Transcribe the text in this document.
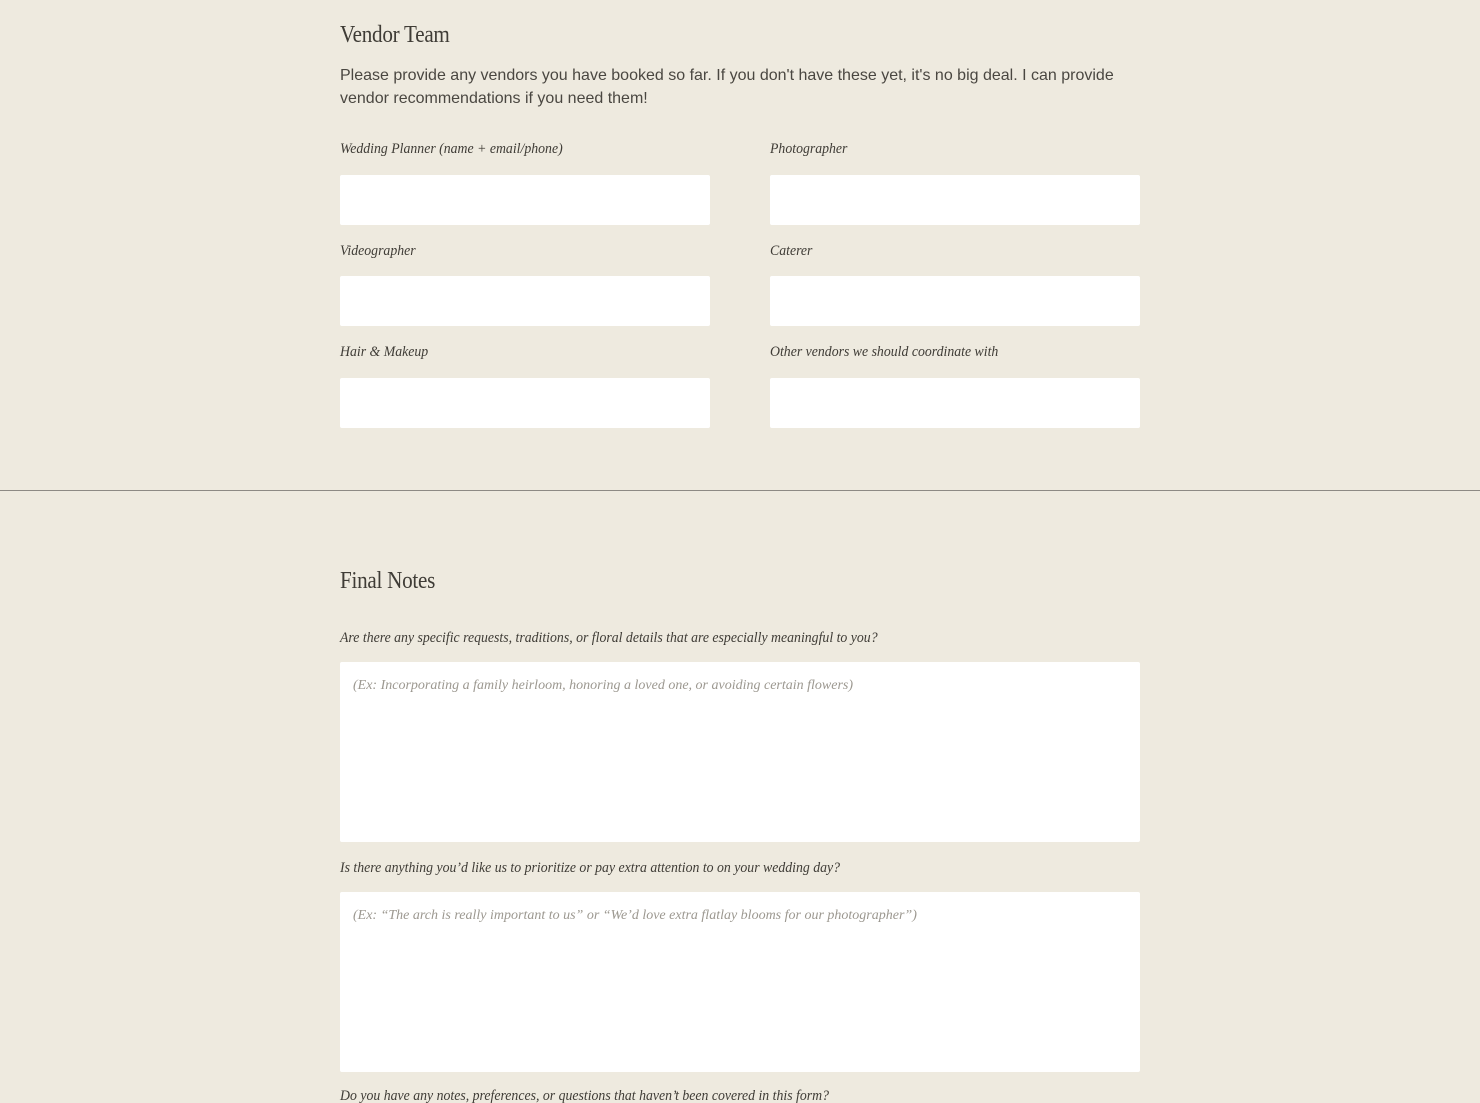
Vendor Team

Please provide any vendors you have booked so far. If you don't have these yet, it's no big deal. I can provide vendor recommendations if you need them!

Wedding Planner (name + email/phone)	Photographer
Videographer	Caterer
Hair & Makeup	Other vendors we should coordinate with
Final Notes
Are there any specific requests, traditions, or floral details that are especially meaningful to you?
(Ex: Incorporating a family heirloom, honoring a loved one, or avoiding certain flowers)
Is there anything you’d like us to prioritize or pay extra attention to on your wedding day?
(Ex: “The arch is really important to us” or “We’d love extra flatlay blooms for our photographer”)
Do you have any notes, preferences, or questions that haven’t been covered in this form?
